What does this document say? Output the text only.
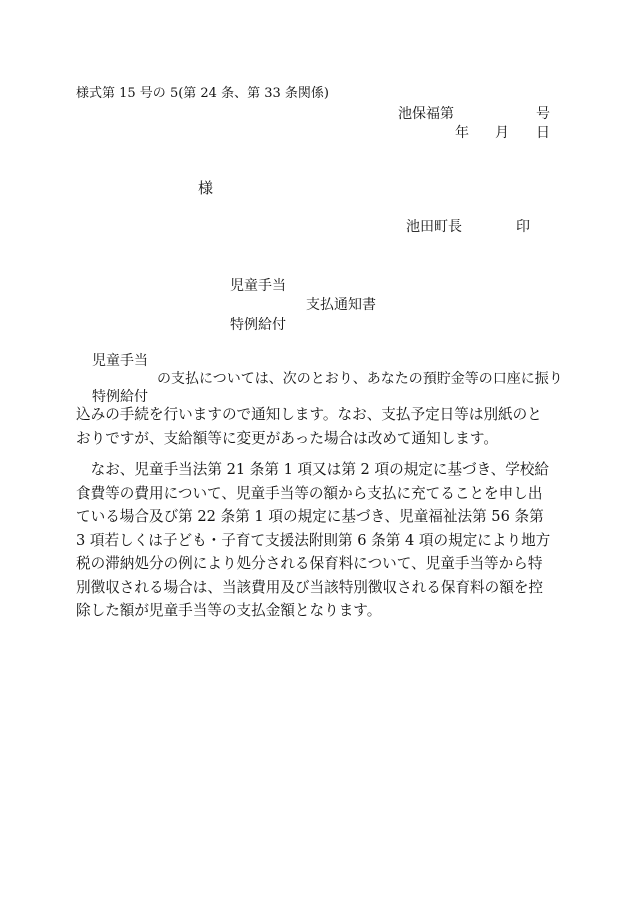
様式第 15 号の 5(第 24 条、第 33 条関係)
池保福第	号
年 月 日
様
池田町長	印
児童手当
支払通知書
特例給付
児童手当
の支払については、次のとおり、あなたの預貯金等の口座に振り
特例給付
込みの手続を行いますので通知します。なお、支払予定日等は別紙のとおりですが、支給額等に変更があった場合は改めて通知します。
　なお、児童手当法第 21 条第 1 項又は第 2 項の規定に基づき、学校給食費等の費用について、児童手当等の額から支払に充てることを申し出ている場合及び第 22 条第 1 項の規定に基づき、児童福祉法第 56 条第 3 項若しくは子ども・子育て支援法附則第 6 条第 4 項の規定により地方税の滞納処分の例により処分される保育料について、児童手当等から特別徴収される場合は、当該費用及び当該特別徴収される保育料の額を控除した額が児童手当等の支払金額となります。
